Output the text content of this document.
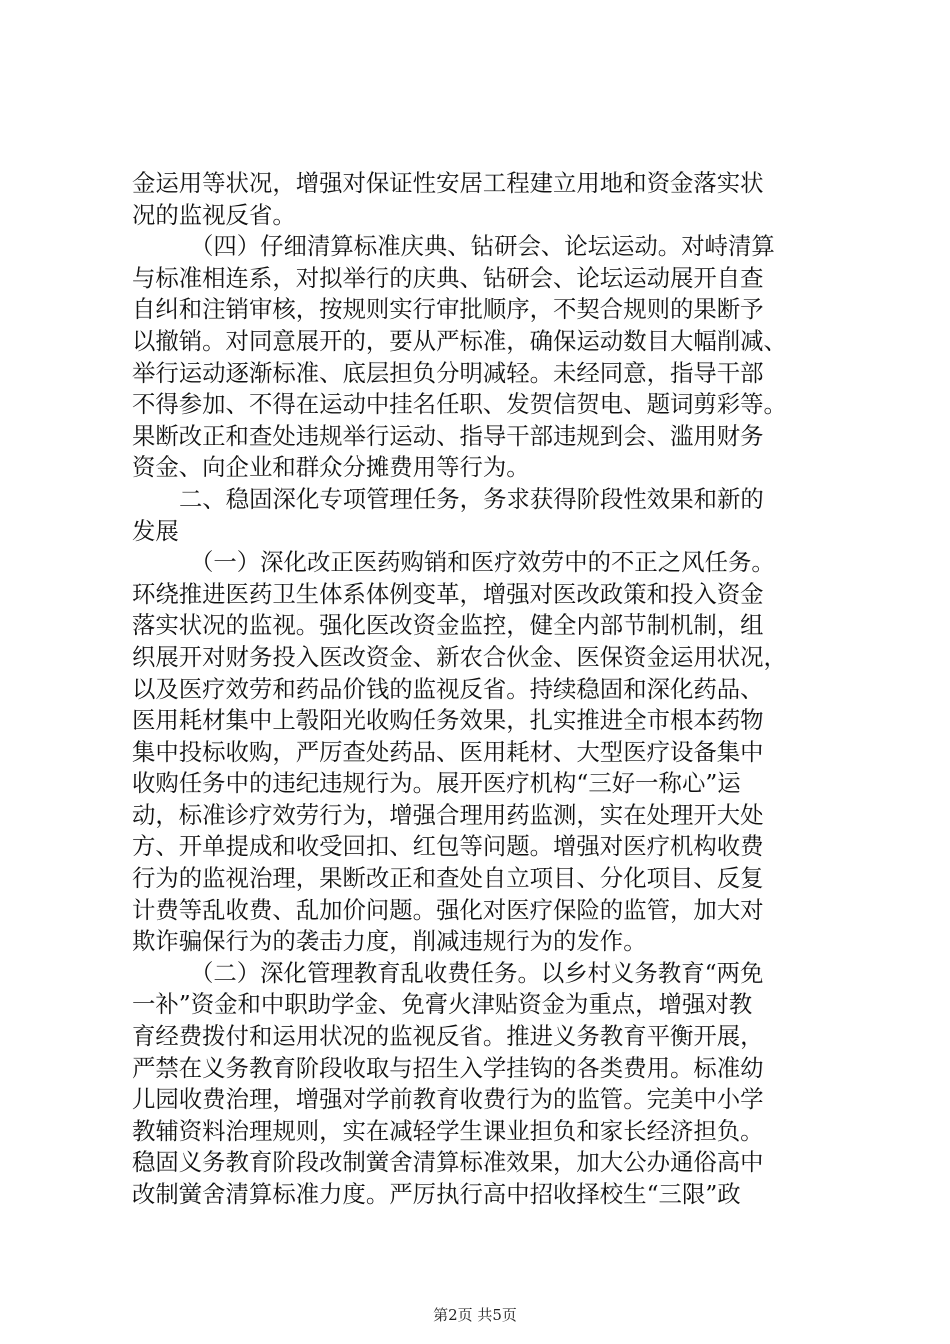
金运用等状况，增强对保证性安居工程建立用地和资金落实状
况的监视反省。
（四）仔细清算标准庆典、钻研会、论坛运动。对峙清算
与标准相连系，对拟举行的庆典、钻研会、论坛运动展开自查
自纠和注销审核，按规则实行审批顺序，不契合规则的果断予
以撤销。对同意展开的，要从严标准，确保运动数目大幅削减、
举行运动逐渐标准、底层担负分明减轻。未经同意，指导干部
不得参加、不得在运动中挂名任职、发贺信贺电、题词剪彩等。
果断改正和查处违规举行运动、指导干部违规到会、滥用财务
资金、向企业和群众分摊费用等行为。
二、稳固深化专项管理任务，务求获得阶段性效果和新的
发展
（一）深化改正医药购销和医疗效劳中的不正之风任务。
环绕推进医药卫生体系体例变革，增强对医改政策和投入资金
落实状况的监视。强化医改资金监控，健全内部节制机制，组
织展开对财务投入医改资金、新农合伙金、医保资金运用状况，
以及医疗效劳和药品价钱的监视反省。持续稳固和深化药品、
医用耗材集中上彀阳光收购任务效果，扎实推进全市根本药物
集中投标收购，严厉查处药品、医用耗材、大型医疗设备集中
收购任务中的违纪违规行为。展开医疗机构“三好一称心”运
动，标准诊疗效劳行为，增强合理用药监测，实在处理开大处
方、开单提成和收受回扣、红包等问题。增强对医疗机构收费
行为的监视治理，果断改正和查处自立项目、分化项目、反复
计费等乱收费、乱加价问题。强化对医疗保险的监管，加大对
欺诈骗保行为的袭击力度，削减违规行为的发作。
（二）深化管理教育乱收费任务。以乡村义务教育“两免
一补”资金和中职助学金、免膏火津贴资金为重点，增强对教
育经费拨付和运用状况的监视反省。推进义务教育平衡开展，
严禁在义务教育阶段收取与招生入学挂钩的各类费用。标准幼
儿园收费治理，增强对学前教育收费行为的监管。完美中小学
教辅资料治理规则，实在减轻学生课业担负和家长经济担负。
稳固义务教育阶段改制黉舍清算标准效果，加大公办通俗高中
改制黉舍清算标准力度。严厉执行高中招收择校生“三限”政
第2页 共5页
